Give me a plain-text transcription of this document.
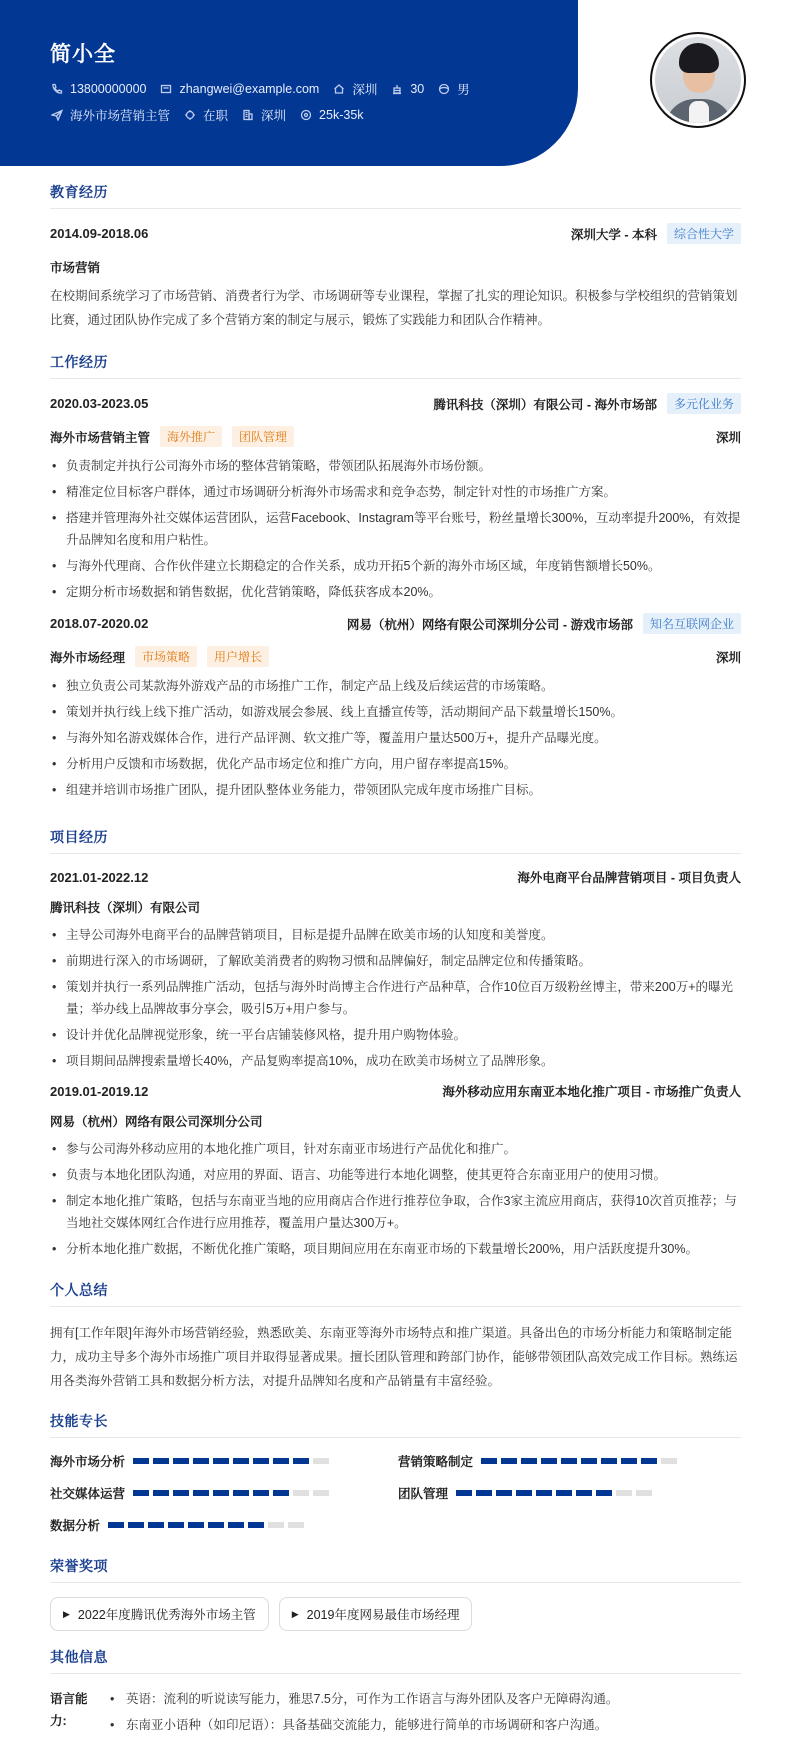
简小全
13800000000	zhangwei@example.com	深圳	30	男
海外市场营销主管	在职	深圳	25k-35k
教育经历
2014.09-2018.06	深圳大学 - 本科	综合性大学
市场营销
在校期间系统学习了市场营销、消费者行为学、市场调研等专业课程，掌握了扎实的理论知识。积极参与学校组织的营销策划比赛，通过团队协作完成了多个营销方案的制定与展示，锻炼了实践能力和团队合作精神。
工作经历
2020.03-2023.05	腾讯科技（深圳）有限公司 - 海外市场部	多元化业务
海外市场营销主管	海外推广	团队管理	深圳
• 负责制定并执行公司海外市场的整体营销策略，带领团队拓展海外市场份额。
• 精准定位目标客户群体，通过市场调研分析海外市场需求和竞争态势，制定针对性的市场推广方案。
• 搭建并管理海外社交媒体运营团队，运营Facebook、Instagram等平台账号，粉丝量增长300%，互动率提升200%，有效提升品牌知名度和用户粘性。
• 与海外代理商、合作伙伴建立长期稳定的合作关系，成功开拓5个新的海外市场区域，年度销售额增长50%。
• 定期分析市场数据和销售数据，优化营销策略，降低获客成本20%。
2018.07-2020.02	网易（杭州）网络有限公司深圳分公司 - 游戏市场部	知名互联网企业
海外市场经理	市场策略	用户增长	深圳
• 独立负责公司某款海外游戏产品的市场推广工作，制定产品上线及后续运营的市场策略。
• 策划并执行线上线下推广活动，如游戏展会参展、线上直播宣传等，活动期间产品下载量增长150%。
• 与海外知名游戏媒体合作，进行产品评测、软文推广等，覆盖用户量达500万+，提升产品曝光度。
• 分析用户反馈和市场数据，优化产品市场定位和推广方向，用户留存率提高15%。
• 组建并培训市场推广团队，提升团队整体业务能力，带领团队完成年度市场推广目标。
项目经历
2021.01-2022.12	海外电商平台品牌营销项目 - 项目负责人
腾讯科技（深圳）有限公司
• 主导公司海外电商平台的品牌营销项目，目标是提升品牌在欧美市场的认知度和美誉度。
• 前期进行深入的市场调研，了解欧美消费者的购物习惯和品牌偏好，制定品牌定位和传播策略。
• 策划并执行一系列品牌推广活动，包括与海外时尚博主合作进行产品种草，合作10位百万级粉丝博主，带来200万+的曝光量；举办线上品牌故事分享会，吸引5万+用户参与。
• 设计并优化品牌视觉形象，统一平台店铺装修风格，提升用户购物体验。
• 项目期间品牌搜索量增长40%，产品复购率提高10%，成功在欧美市场树立了品牌形象。
2019.01-2019.12	海外移动应用东南亚本地化推广项目 - 市场推广负责人
网易（杭州）网络有限公司深圳分公司
• 参与公司海外移动应用的本地化推广项目，针对东南亚市场进行产品优化和推广。
• 负责与本地化团队沟通，对应用的界面、语言、功能等进行本地化调整，使其更符合东南亚用户的使用习惯。
• 制定本地化推广策略，包括与东南亚当地的应用商店合作进行推荐位争取，合作3家主流应用商店，获得10次首页推荐；与当地社交媒体网红合作进行应用推荐，覆盖用户量达300万+。
• 分析本地化推广数据，不断优化推广策略，项目期间应用在东南亚市场的下载量增长200%，用户活跃度提升30%。
个人总结
拥有[工作年限]年海外市场营销经验，熟悉欧美、东南亚等海外市场特点和推广渠道。具备出色的市场分析能力和策略制定能力，成功主导多个海外市场推广项目并取得显著成果。擅长团队管理和跨部门协作，能够带领团队高效完成工作目标。熟练运用各类海外营销工具和数据分析方法，对提升品牌知名度和产品销量有丰富经验。
技能专长
海外市场分析	营销策略制定
社交媒体运营	团队管理
数据分析
荣誉奖项
▶ 2022年度腾讯优秀海外市场主管	▶ 2019年度网易最佳市场经理
其他信息
语言能力:
• 英语：流利的听说读写能力，雅思7.5分，可作为工作语言与海外团队及客户无障碍沟通。
• 东南亚小语种（如印尼语）：具备基础交流能力，能够进行简单的市场调研和客户沟通。
